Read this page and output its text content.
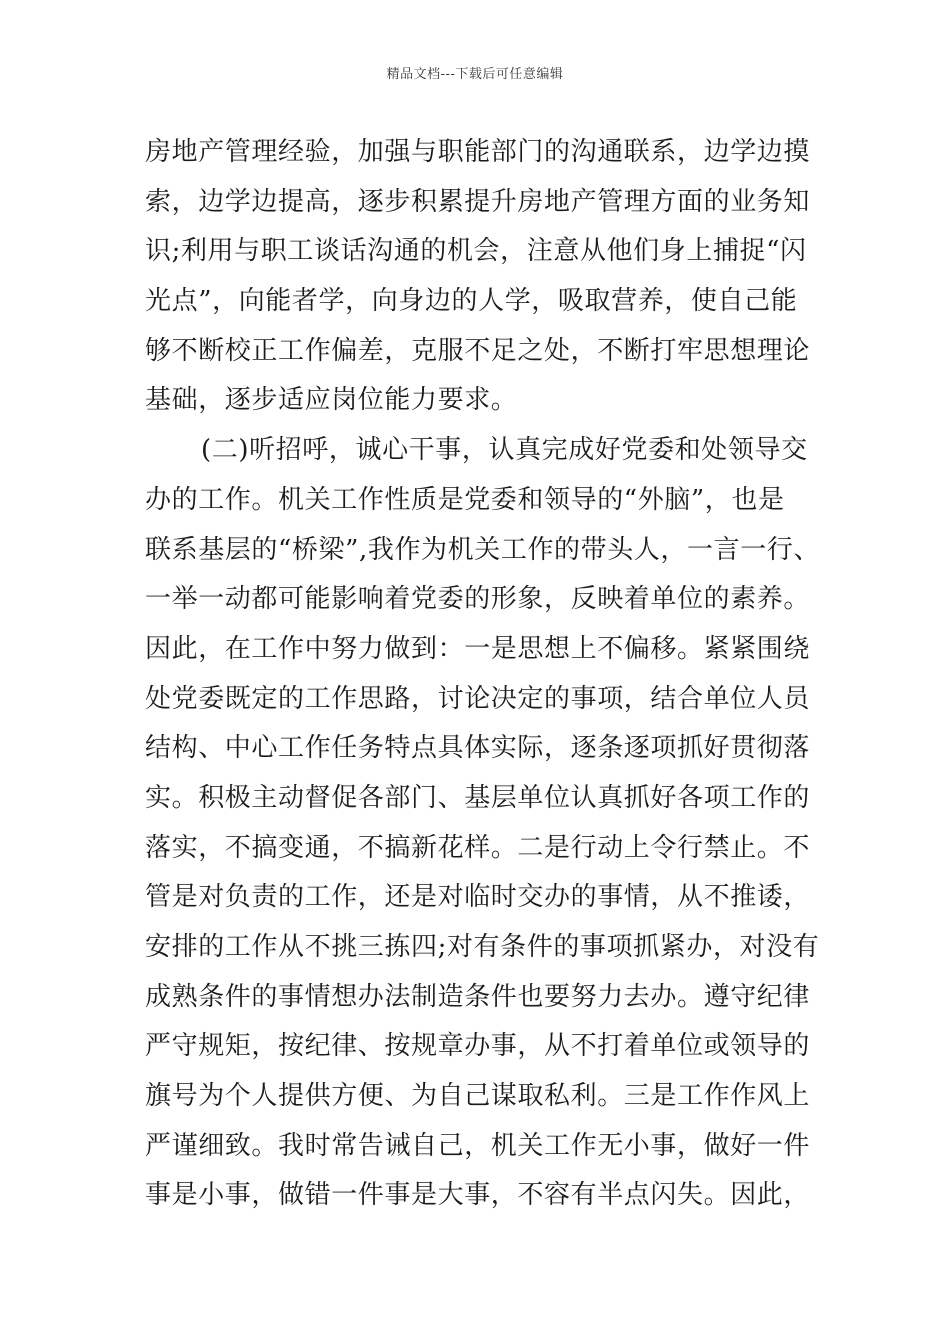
精品文档---下载后可任意编辑
房地产管理经验，加强与职能部门的沟通联系，边学边摸
索，边学边提高，逐步积累提升房地产管理方面的业务知
识;利用与职工谈话沟通的机会，注意从他们身上捕捉“闪
光点”，向能者学，向身边的人学，吸取营养，使自己能
够不断校正工作偏差，克服不足之处，不断打牢思想理论
基础，逐步适应岗位能力要求。
(二)听招呼，诚心干事，认真完成好党委和处领导交
办的工作。机关工作性质是党委和领导的“外脑”，也是
联系基层的“桥梁”,我作为机关工作的带头人，一言一行、
一举一动都可能影响着党委的形象，反映着单位的素养。
因此，在工作中努力做到：一是思想上不偏移。紧紧围绕
处党委既定的工作思路，讨论决定的事项，结合单位人员
结构、中心工作任务特点具体实际，逐条逐项抓好贯彻落
实。积极主动督促各部门、基层单位认真抓好各项工作的
落实，不搞变通，不搞新花样。二是行动上令行禁止。不
管是对负责的工作，还是对临时交办的事情，从不推诿，
安排的工作从不挑三拣四;对有条件的事项抓紧办，对没有
成熟条件的事情想办法制造条件也要努力去办。遵守纪律
严守规矩，按纪律、按规章办事，从不打着单位或领导的
旗号为个人提供方便、为自己谋取私利。三是工作作风上
严谨细致。我时常告诫自己，机关工作无小事，做好一件
事是小事，做错一件事是大事，不容有半点闪失。因此，
